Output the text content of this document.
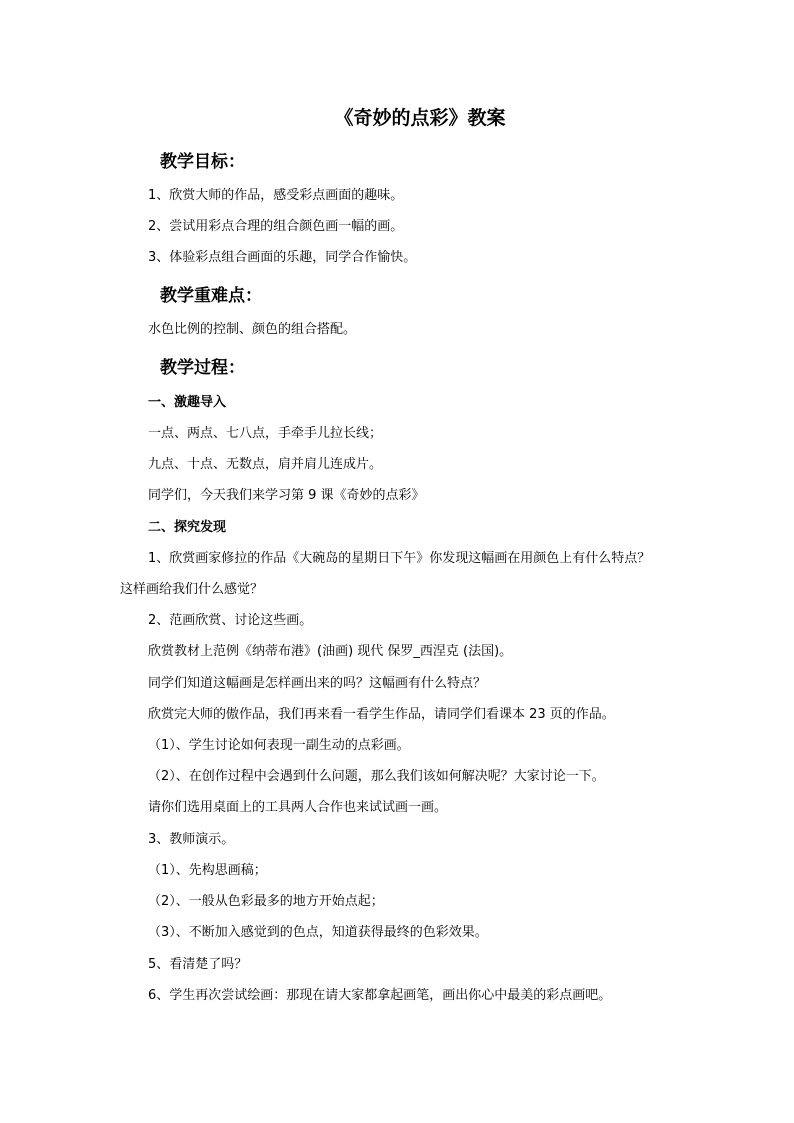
《奇妙的点彩》教案
教学目标：
1、欣赏大师的作品，感受彩点画面的趣味。
2、尝试用彩点合理的组合颜色画一幅的画。
3、体验彩点组合画面的乐趣，同学合作愉快。
教学重难点：
水色比例的控制、颜色的组合搭配。
教学过程：
一、激趣导入
一点、两点、七八点，手牵手儿拉长线；
九点、十点、无数点，肩并肩儿连成片。
同学们，今天我们来学习第 9 课《奇妙的点彩》
二、探究发现
1、欣赏画家修拉的作品《大碗岛的星期日下午》你发现这幅画在用颜色上有什么特点？
这样画给我们什么感觉？
2、范画欣赏、讨论这些画。
欣赏教材上范例《纳蒂布港》(油画) 现代 保罗_西涅克 (法国)。
同学们知道这幅画是怎样画出来的吗？这幅画有什么特点？
欣赏完大师的傲作品，我们再来看一看学生作品，请同学们看课本 23 页的作品。
（1）、学生讨论如何表现一副生动的点彩画。
（2）、在创作过程中会遇到什么问题，那么我们该如何解决呢？大家讨论一下。
请你们选用桌面上的工具两人合作也来试试画一画。
3、教师演示。
（1）、先构思画稿；
（2）、一般从色彩最多的地方开始点起；
（3）、不断加入感觉到的色点，知道获得最终的色彩效果。
5、看清楚了吗？
6、学生再次尝试绘画：那现在请大家都拿起画笔，画出你心中最美的彩点画吧。
